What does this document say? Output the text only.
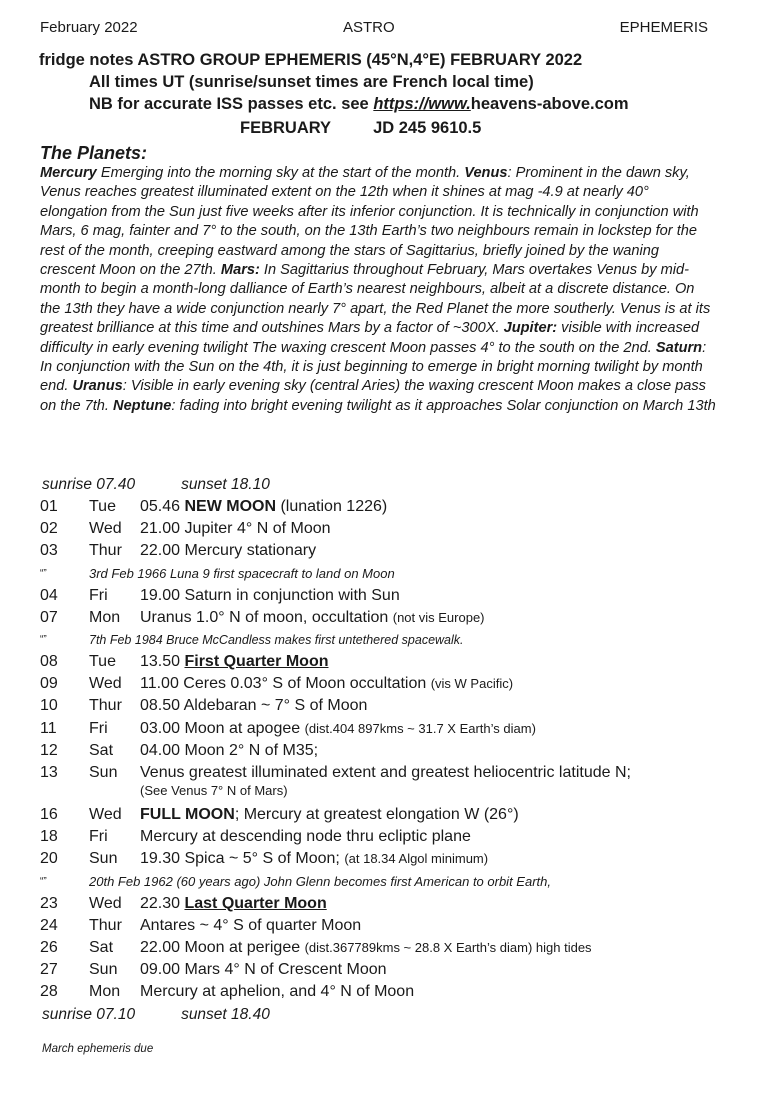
February 2022	ASTRO	EPHEMERIS
fridge notes ASTRO GROUP EPHEMERIS (45°N,4°E) FEBRUARY 2022
All times UT (sunrise/sunset times are French local time)
NB for accurate ISS passes etc. see https://www.heavens-above.com
FEBRUARY	JD 245 9610.5
The Planets:
Mercury Emerging into the morning sky at the start of the month. Venus: Prominent in the dawn sky, Venus reaches greatest illuminated extent on the 12th when it shines at mag -4.9 at nearly 40° elongation from the Sun just five weeks after its inferior conjunction. It is technically in conjunction with Mars, 6 mag, fainter and 7° to the south, on the 13th Earth’s two neighbours remain in lockstep for the rest of the month, creeping eastward among the stars of Sagittarius, briefly joined by the waning crescent Moon on the 27th. Mars: In Sagittarius throughout February, Mars overtakes Venus by mid-month to begin a month-long dalliance of Earth’s nearest neighbours, albeit at a discrete distance. On the 13th they have a wide conjunction nearly 7° apart, the Red Planet the more southerly. Venus is at its greatest brilliance at this time and outshines Mars by a factor of ~300X. Jupiter: visible with increased difficulty in early evening twilight The waxing crescent Moon passes 4° to the south on the 2nd. Saturn: In conjunction with the Sun on the 4th, it is just beginning to emerge in bright morning twilight by month end. Uranus: Visible in early evening sky (central Aries) the waxing crescent Moon makes a close pass on the 7th. Neptune: fading into bright evening twilight as it approaches Solar conjunction on March 13th
sunrise 07.40	sunset 18.10
01 Tue 05.46 NEW MOON (lunation 1226)
02 Wed 21.00 Jupiter 4° N of Moon
03 Thur 22.00 Mercury stationary
“”	3rd Feb 1966 Luna 9 first spacecraft to land on Moon
04 Fri 19.00 Saturn in conjunction with Sun
07 Mon Uranus 1.0° N of moon, occultation (not vis Europe)
“”	7th Feb 1984 Bruce McCandless makes first untethered spacewalk.
08 Tue 13.50 First Quarter Moon
09 Wed 11.00 Ceres 0.03° S of Moon occultation (vis W Pacific)
10 Thur 08.50 Aldebaran ~ 7° S of Moon
11 Fri 03.00 Moon at apogee (dist.404 897kms ~ 31.7 X Earth’s diam)
12 Sat 04.00 Moon 2° N of M35;
13 Sun Venus greatest illuminated extent and greatest heliocentric latitude N;
(See Venus 7° N of Mars)
16 Wed FULL MOON; Mercury at greatest elongation W (26°)
18 Fri Mercury at descending node thru ecliptic plane
20 Sun 19.30 Spica ~ 5° S of Moon; (at 18.34 Algol minimum)
“”	20th Feb 1962 (60 years ago) John Glenn becomes first American to orbit Earth,
23 Wed 22.30 Last Quarter Moon
24 Thur Antares ~ 4° S of quarter Moon
26 Sat 22.00 Moon at perigee (dist.367789kms ~ 28.8 X Earth’s diam) high tides
27 Sun 09.00 Mars 4° N of Crescent Moon
28 Mon Mercury at aphelion, and 4° N of Moon
sunrise 07.10	sunset 18.40
March ephemeris due
